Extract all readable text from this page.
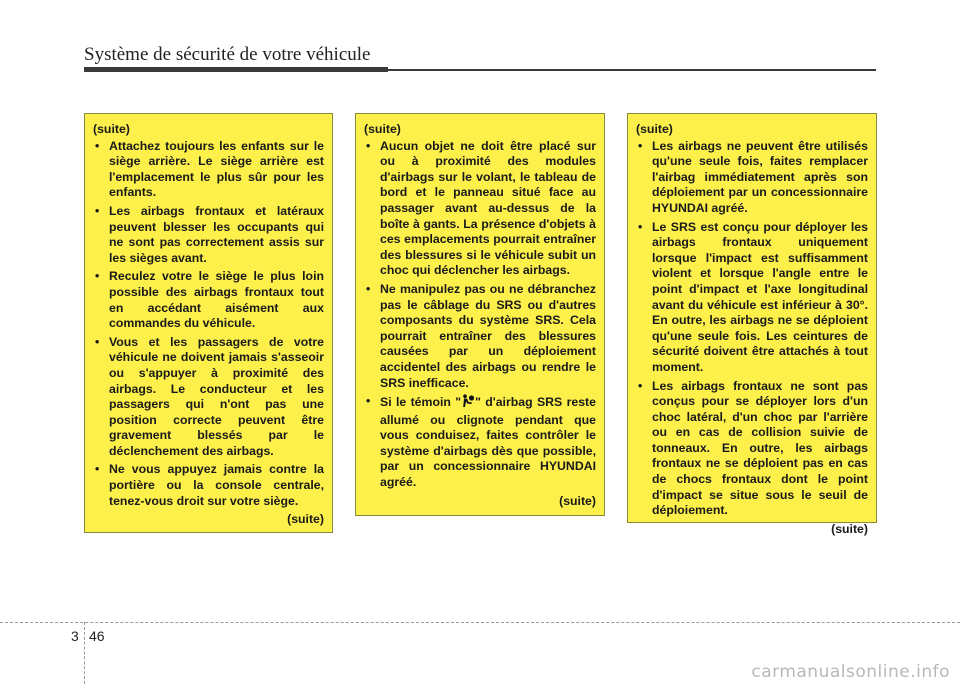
Système de sécurité de votre véhicule
(suite)
• Attachez toujours les enfants sur le siège arrière. Le siège arrière est l'emplacement le plus sûr pour les enfants.
• Les airbags frontaux et latéraux peuvent blesser les occupants qui ne sont pas correctement assis sur les sièges avant.
• Reculez votre le siège le plus loin possible des airbags frontaux tout en accédant aisément aux commandes du véhicule.
• Vous et les passagers de votre véhicule ne doivent jamais s'asseoir ou s'appuyer à proximité des airbags. Le conducteur et les passagers qui n'ont pas une position correcte peuvent être gravement blessés par le déclenchement des airbags.
• Ne vous appuyez jamais contre la portière ou la console centrale, tenez-vous droit sur votre siège.
(suite)
(suite)
• Aucun objet ne doit être placé sur ou à proximité des modules d'airbags sur le volant, le tableau de bord et le panneau situé face au passager avant au-dessus de la boîte à gants. La présence d'objets à ces emplacements pourrait entraîner des blessures si le véhicule subit un choc qui déclencher les airbags.
• Ne manipulez pas ou ne débranchez pas le câblage du SRS ou d'autres composants du système SRS. Cela pourrait entraîner des blessures causées par un déploiement accidentel des airbags ou rendre le SRS inefficace.
• Si le témoin " " d'airbag SRS reste allumé ou clignote pendant que vous conduisez, faites contrôler le système d'airbags dès que possible, par un concessionnaire HYUNDAI agréé.
(suite)
(suite)
• Les airbags ne peuvent être utilisés qu'une seule fois, faites remplacer l'airbag immédiatement après son déploiement par un concessionnaire HYUNDAI agréé.
• Le SRS est conçu pour déployer les airbags frontaux uniquement lorsque l'impact est suffisamment violent et lorsque l'angle entre le point d'impact et l'axe longitudinal avant du véhicule est inférieur à 30°. En outre, les airbags ne se déploient qu'une seule fois. Les ceintures de sécurité doivent être attachés à tout moment.
• Les airbags frontaux ne sont pas conçus pour se déployer lors d'un choc latéral, d'un choc par l'arrière ou en cas de collision suivie de tonneaux. En outre, les airbags frontaux ne se déploient pas en cas de chocs frontaux dont le point d'impact se situe sous le seuil de déploiement.
(suite)
3 46
carmanualsonline.info
